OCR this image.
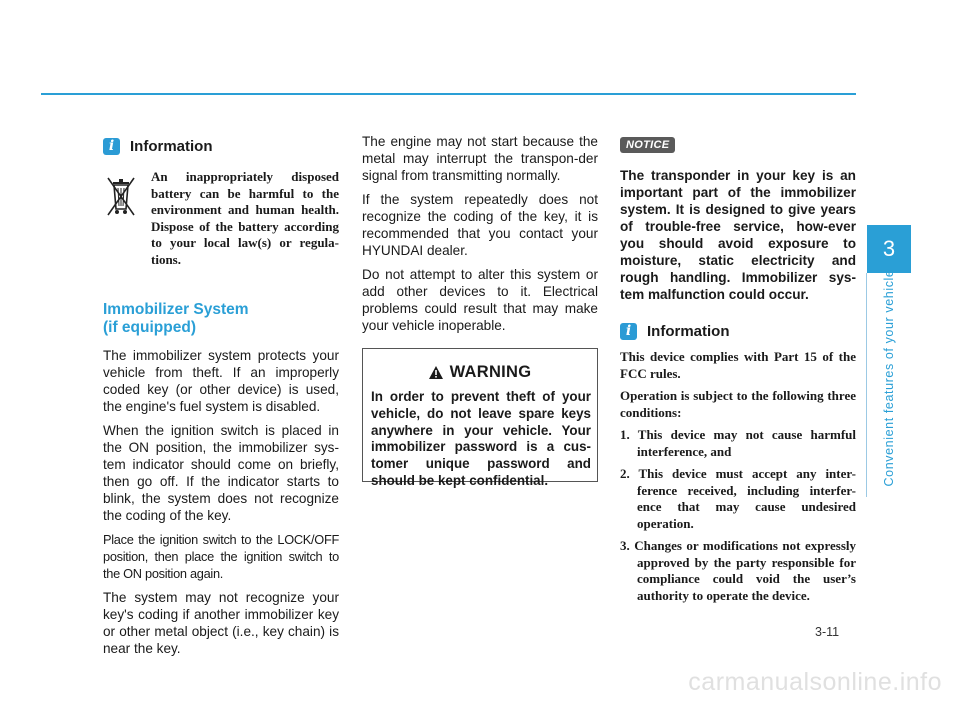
i	Information

An inappropriately disposed battery can be harmful to the environment and human health. Dispose of the battery according to your local law(s) or regula-tions.

Immobilizer System
(if equipped)

The immobilizer system protects your vehicle from theft. If an improperly coded key (or other device) is used, the engine's fuel system is disabled.

When the ignition switch is placed in the ON position, the immobilizer sys-tem indicator should come on briefly, then go off. If the indicator starts to blink, the system does not recognize the coding of the key.

Place the ignition switch to the LOCK/OFF position, then place the ignition switch to the ON position again.

The system may not recognize your key's coding if another immobilizer key or other metal object (i.e., key chain) is near the key.

The engine may not start because the metal may interrupt the transpon-der signal from transmitting normally.

If the system repeatedly does not recognize the coding of the key, it is recommended that you contact your HYUNDAI dealer.

Do not attempt to alter this system or add other devices to it. Electrical problems could result that may make your vehicle inoperable.

WARNING

In order to prevent theft of your vehicle, do not leave spare keys anywhere in your vehicle. Your immobilizer password is a cus-tomer unique password and should be kept confidential.

NOTICE

The transponder in your key is an important part of the immobilizer system. It is designed to give years of trouble-free service, how-ever you should avoid exposure to moisture, static electricity and rough handling. Immobilizer sys-tem malfunction could occur.

i	Information

This device complies with Part 15 of the FCC rules.

Operation is subject to the following three conditions:

1. This device may not cause harmful interference, and
2. This device must accept any inter-ference received, including interfer-ence that may cause undesired operation.
3. Changes or modifications not expressly approved by the party responsible for compliance could void the user’s authority to operate the device.
3
Convenient features of your vehicle
3-11
carmanualsonline.info
